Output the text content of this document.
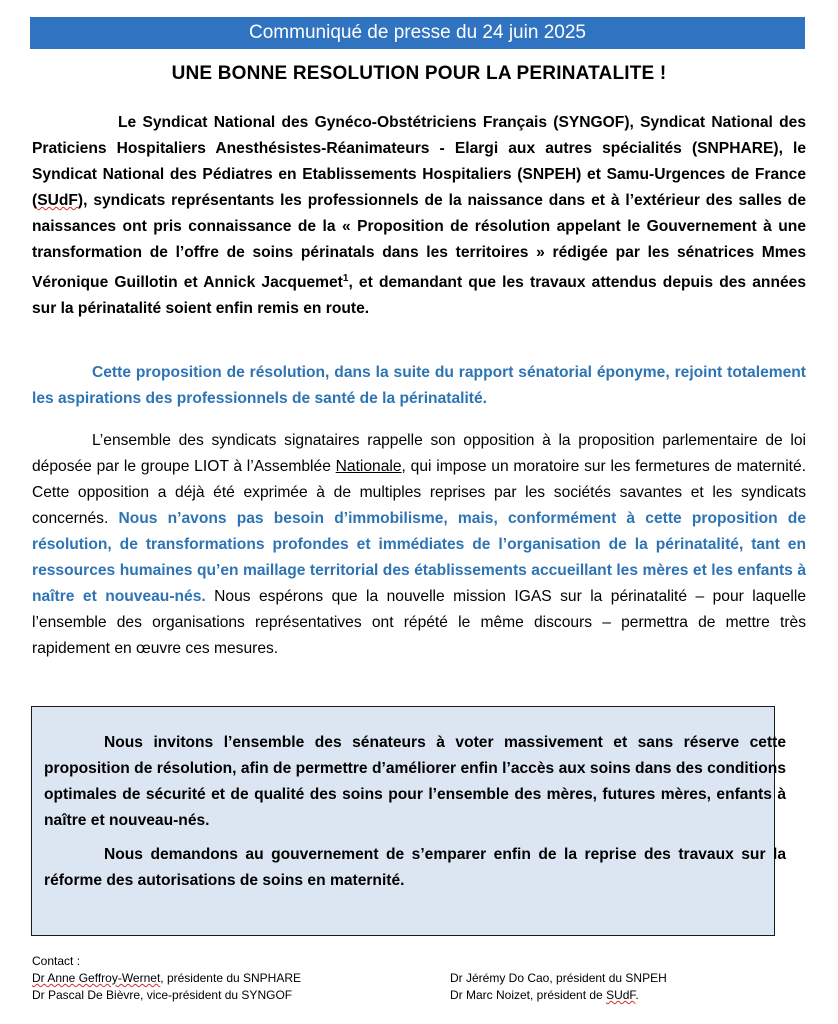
Communiqué de presse du 24 juin 2025
UNE BONNE RESOLUTION POUR LA PERINATALITE !
Le Syndicat National des Gynéco-Obstétriciens Français (SYNGOF), Syndicat National des Praticiens Hospitaliers Anesthésistes-Réanimateurs - Elargi aux autres spécialités (SNPHARE), le Syndicat National des Pédiatres en Etablissements Hospitaliers (SNPEH) et Samu-Urgences de France (SUdF), syndicats représentants les professionnels de la naissance dans et à l’extérieur des salles de naissances ont pris connaissance de la « Proposition de résolution appelant le Gouvernement à une transformation de l’offre de soins périnatals dans les territoires » rédigée par les sénatrices Mmes Véronique Guillotin et Annick Jacquemet$^1$, et demandant que les travaux attendus depuis des années sur la périnatalité soient enfin remis en route.
Cette proposition de résolution, dans la suite du rapport sénatorial éponyme, rejoint totalement les aspirations des professionnels de santé de la périnatalité.
L’ensemble des syndicats signataires rappelle son opposition à la proposition parlementaire de loi déposée par le groupe LIOT à l’Assemblée Nationale, qui impose un moratoire sur les fermetures de maternité. Cette opposition a déjà été exprimée à de multiples reprises par les sociétés savantes et les syndicats concernés. Nous n’avons pas besoin d’immobilisme, mais, conformément à cette proposition de résolution, de transformations profondes et immédiates de l’organisation de la périnatalité, tant en ressources humaines qu’en maillage territorial des établissements accueillant les mères et les enfants à naître et nouveau-nés. Nous espérons que la nouvelle mission IGAS sur la périnatalité – pour laquelle l’ensemble des organisations représentatives ont répété le même discours – permettra de mettre très rapidement en œuvre ces mesures.
Nous invitons l’ensemble des sénateurs à voter massivement et sans réserve cette proposition de résolution, afin de permettre d’améliorer enfin l’accès aux soins dans des conditions optimales de sécurité et de qualité des soins pour l’ensemble des mères, futures mères, enfants à naître et nouveau-nés.
Nous demandons au gouvernement de s’emparer enfin de la reprise des travaux sur la réforme des autorisations de soins en maternité.
Contact :
Dr Anne Geffroy-Wernet, présidente du SNPHARE
Dr Pascal De Bièvre, vice-président du SYNGOF
Dr Jérémy Do Cao, président du SNPEH
Dr Marc Noizet, président de SUdF.
